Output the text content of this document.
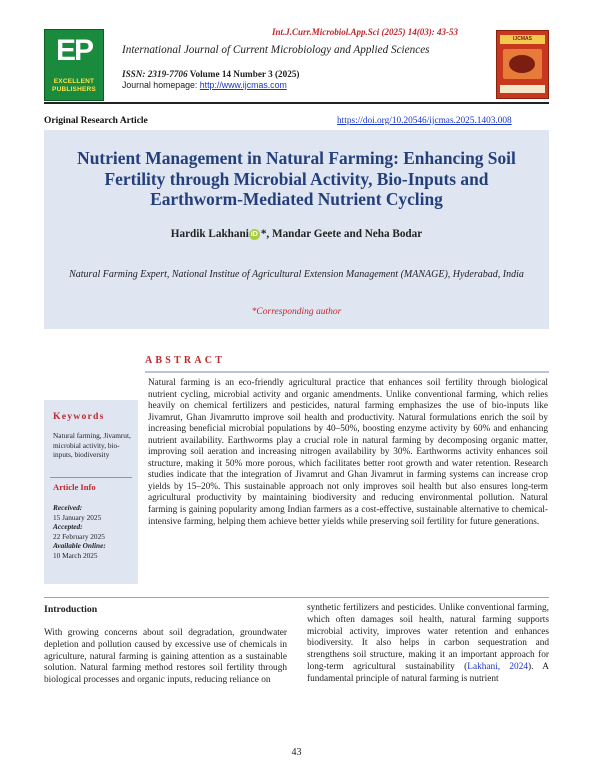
Int.J.Curr.Microbiol.App.Sci (2025) 14(03): 43-53
EP
EXCELLENT
PUBLISHERS
International Journal of Current Microbiology and Applied Sciences
ISSN: 2319-7706 Volume 14 Number 3 (2025)
Journal homepage: http://www.ijcmas.com
IJCMAS
Original Research Article	https://doi.org/10.20546/ijcmas.2025.1403.008
Nutrient Management in Natural Farming: Enhancing Soil Fertility through Microbial Activity, Bio-Inputs and Earthworm-Mediated Nutrient Cycling
Hardik Lakhani iD *, Mandar Geete and Neha Bodar
Natural Farming Expert, National Institue of Agricultural Extension Management (MANAGE), Hyderabad, India
*Corresponding author
ABSTRACT
Natural farming is an eco-friendly agricultural practice that enhances soil fertility through biological nutrient cycling, microbial activity and organic amendments. Unlike conventional farming, which relies heavily on chemical fertilizers and pesticides, natural farming emphasizes the use of bio-inputs like Jivamrut, Ghan Jivamrutto improve soil health and productivity. Natural formulations enrich the soil by increasing beneficial microbial populations by 40–50%, boosting enzyme activity by 60% and enhancing nutrient availability. Earthworms play a crucial role in natural farming by decomposing organic matter, improving soil aeration and increasing nitrogen availability by 30%. Earthworms activity enhances soil structure, making it 50% more porous, which facilitates better root growth and water retention. Research studies indicate that the integration of Jivamrut and Ghan Jivamrut in farming systems can increase crop yields by 15–20%. This sustainable approach not only improves soil health but also ensures long-term agricultural productivity by maintaining biodiversity and reducing environmental pollution. Natural farming is gaining popularity among Indian farmers as a cost-effective, sustainable alternative to chemical-intensive farming, helping them achieve better yields while preserving soil fertility for future generations.
Keywords
Natural farming, Jivamrut, microbial activity, bio-inputs, biodiversity
Article Info
Received:
15 January 2025
Accepted:
22 February 2025
Available Online:
10 March 2025
Introduction
With growing concerns about soil degradation, groundwater depletion and pollution caused by excessive use of chemicals in agriculture, natural farming is gaining attention as a sustainable solution. Natural farming method restores soil fertility through biological processes and organic inputs, reducing reliance on
synthetic fertilizers and pesticides. Unlike conventional farming, which often damages soil health, natural farming supports microbial activity, improves water retention and enhances biodiversity. It also helps in carbon sequestration and strengthens soil structure, making it an important approach for long-term agricultural sustainability (Lakhani, 2024). A fundamental principle of natural farming is nutrient
43
